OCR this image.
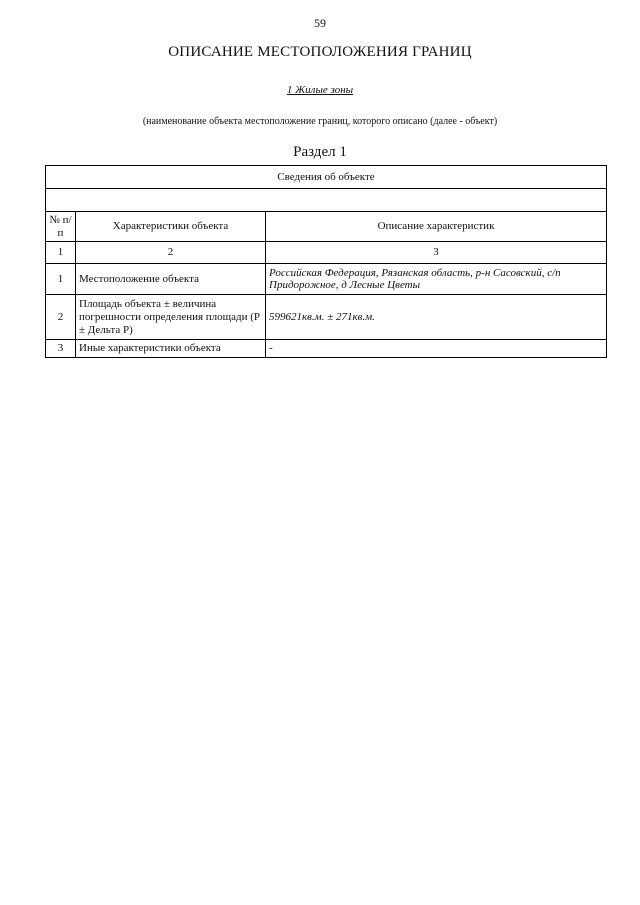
59
ОПИСАНИЕ МЕСТОПОЛОЖЕНИЯ ГРАНИЦ
1 Жилые зоны
(наименование объекта местоположение границ, которого описано (далее - объект)
Раздел 1
Сведения об объекте		

№ п/п	Характеристики объекта	Описание характеристик
1	2	3
1	Местоположение объекта	Российская Федерация, Рязанская область, р-н Сасовский, с/п Придорожное, д Лесные Цветы
2	Площадь объекта ± величина погрешности определения площади (P ± Дельта P)	599621кв.м. ± 271кв.м.
3	Иные характеристики объекта	-
